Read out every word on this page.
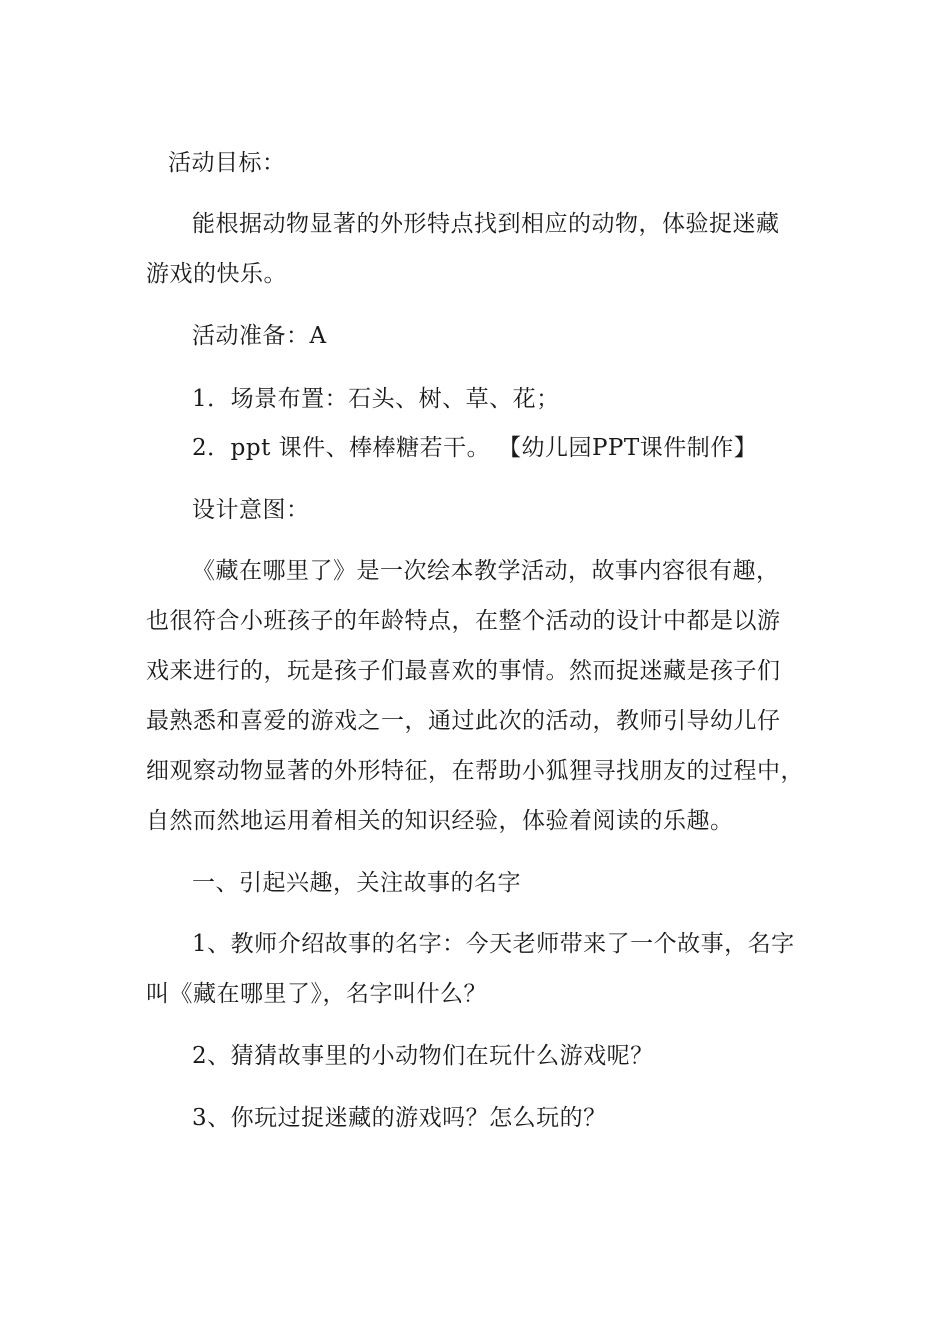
活动目标：

能根据动物显著的外形特点找到相应的动物，体验捉迷藏

游戏的快乐。

活动准备：A

1．场景布置：石头、树、草、花；

2．ppt 课件、棒棒糖若干。 【幼儿园PPT课件制作】

设计意图：

《藏在哪里了》是一次绘本教学活动，故事内容很有趣，

也很符合小班孩子的年龄特点，在整个活动的设计中都是以游

戏来进行的，玩是孩子们最喜欢的事情。然而捉迷藏是孩子们

最熟悉和喜爱的游戏之一，通过此次的活动，教师引导幼儿仔

细观察动物显著的外形特征，在帮助小狐狸寻找朋友的过程中，

自然而然地运用着相关的知识经验，体验着阅读的乐趣。

一、引起兴趣，关注故事的名字

1、教师介绍故事的名字：今天老师带来了一个故事，名字

叫《藏在哪里了》，名字叫什么？

2、猜猜故事里的小动物们在玩什么游戏呢？

3、你玩过捉迷藏的游戏吗？怎么玩的？
